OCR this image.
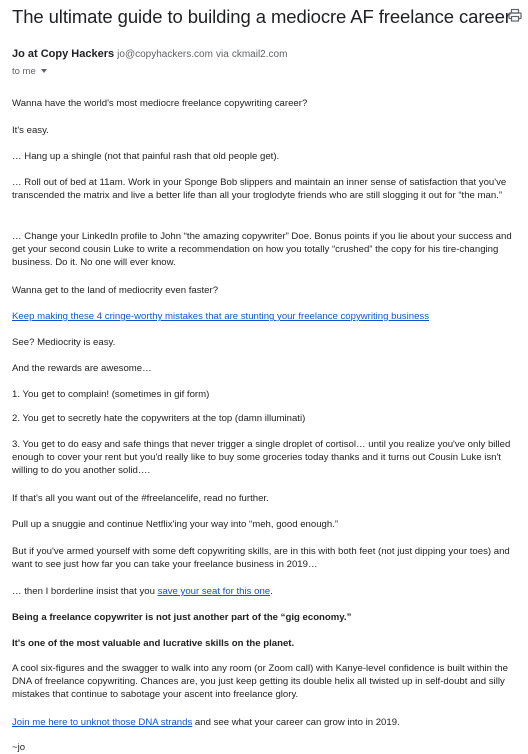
The ultimate guide to building a mediocre AF freelance career
Jo at Copy Hackers jo@copyhackers.com via ckmail2.com
to me

Wanna have the world's most mediocre freelance copywriting career?

It's easy.

… Hang up a shingle (not that painful rash that old people get).

… Roll out of bed at 11am. Work in your Sponge Bob slippers and maintain an inner sense of satisfaction that you've transcended the matrix and live a better life than all your troglodyte friends who are still slogging it out for “the man.”

… Change your LinkedIn profile to John “the amazing copywriter” Doe. Bonus points if you lie about your success and get your second cousin Luke to write a recommendation on how you totally “crushed” the copy for his tire-changing business. Do it. No one will ever know.

Wanna get to the land of mediocrity even faster?

Keep making these 4 cringe-worthy mistakes that are stunting your freelance copywriting business

See? Mediocrity is easy.

And the rewards are awesome…

1. You get to complain! (sometimes in gif form)

2. You get to secretly hate the copywriters at the top (damn illuminati)

3. You get to do easy and safe things that never trigger a single droplet of cortisol… until you realize you've only billed enough to cover your rent but you'd really like to buy some groceries today thanks and it turns out Cousin Luke isn't willing to do you another solid….

If that's all you want out of the #freelancelife, read no further.

Pull up a snuggie and continue Netflix'ing your way into “meh, good enough.”

But if you've armed yourself with some deft copywriting skills, are in this with both feet (not just dipping your toes) and want to see just how far you can take your freelance business in 2019…

… then I borderline insist that you save your seat for this one.

Being a freelance copywriter is not just another part of the “gig economy.”

It's one of the most valuable and lucrative skills on the planet.

A cool six-figures and the swagger to walk into any room (or Zoom call) with Kanye-level confidence is built within the DNA of freelance copywriting. Chances are, you just keep getting its double helix all twisted up in self-doubt and silly mistakes that continue to sabotage your ascent into freelance glory.

Join me here to unknot those DNA strands and see what your career can grow into in 2019.

~jo
